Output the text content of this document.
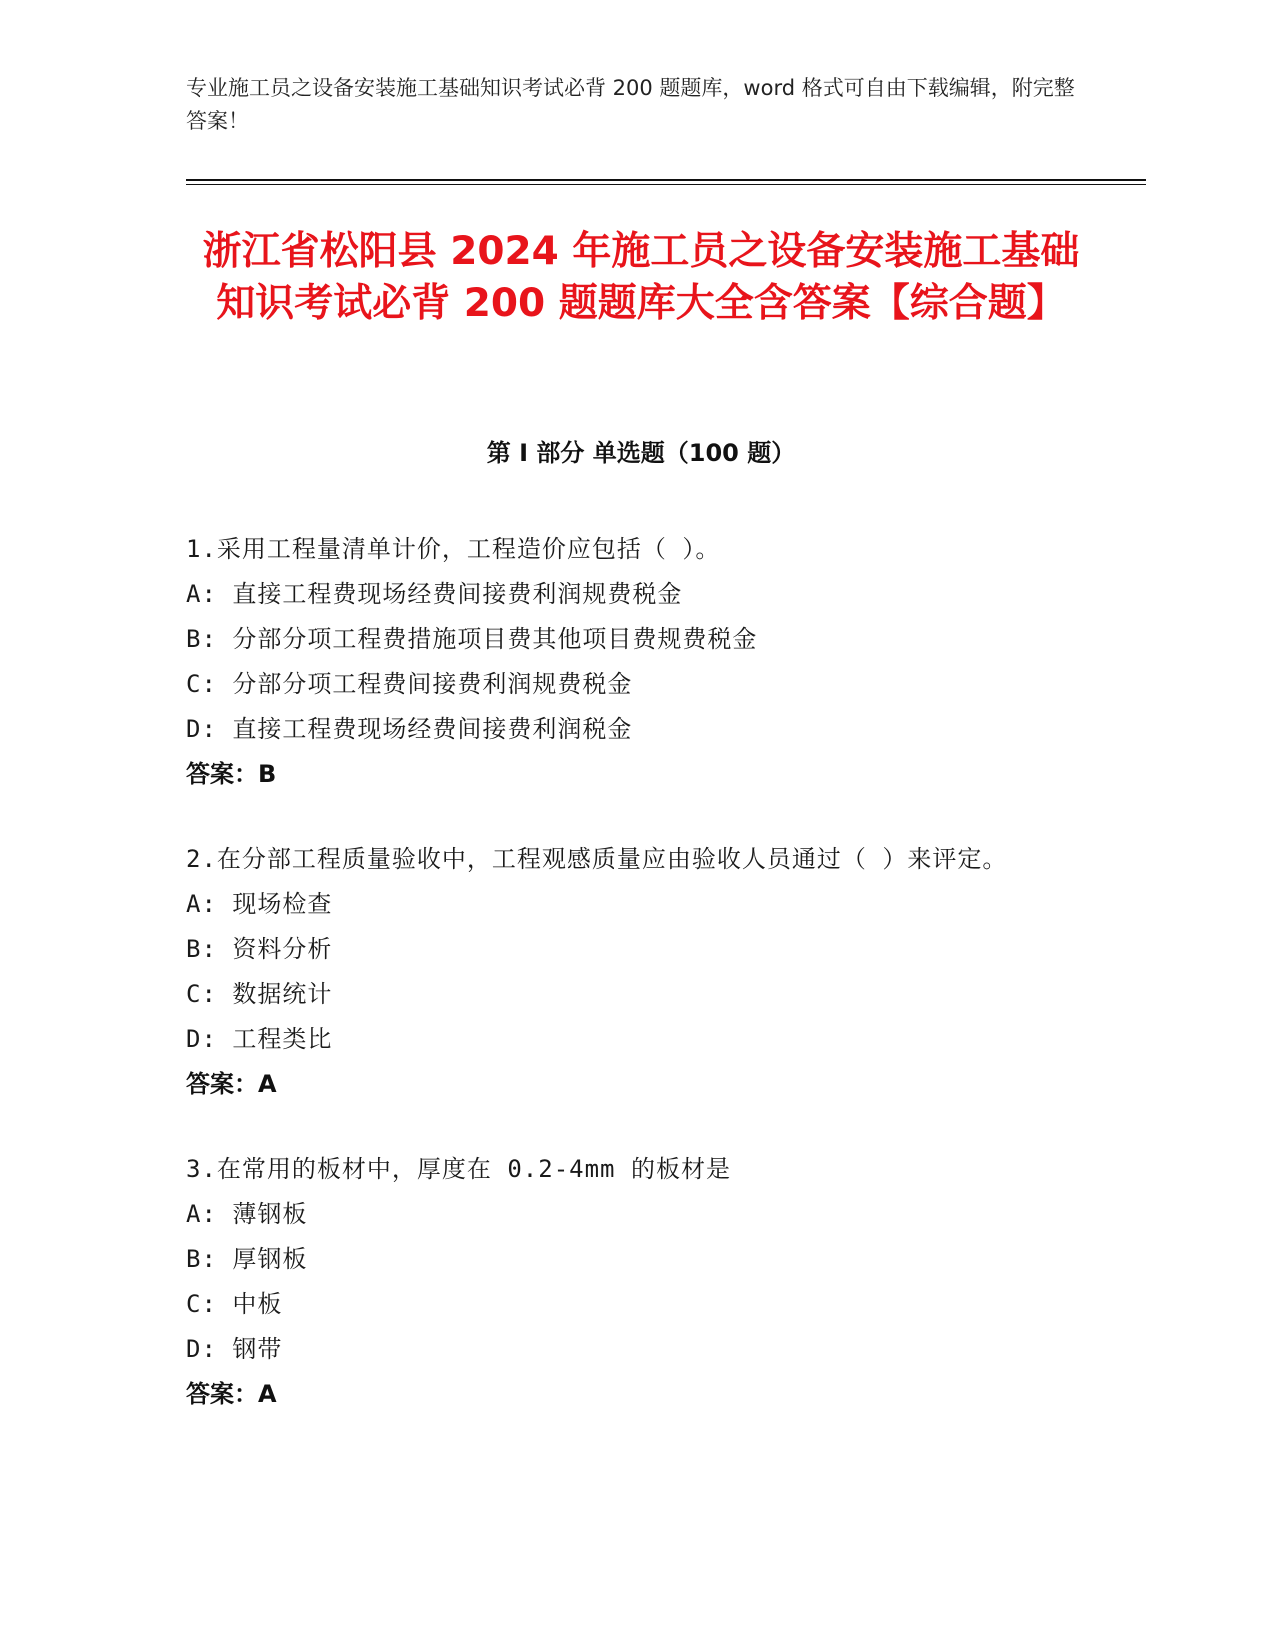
专业施工员之设备安装施工基础知识考试必背 200 题题库，word 格式可自由下载编辑，附完整答案！
浙江省松阳县 2024 年施工员之设备安装施工基础知识考试必背 200 题题库大全含答案【综合题】
第 I 部分 单选题（100 题）
1.采用工程量清单计价，工程造价应包括（ ）。
A: 直接工程费现场经费间接费利润规费税金
B: 分部分项工程费措施项目费其他项目费规费税金
C: 分部分项工程费间接费利润规费税金
D: 直接工程费现场经费间接费利润税金
答案：B
2.在分部工程质量验收中，工程观感质量应由验收人员通过（ ）来评定。
A: 现场检查
B: 资料分析
C: 数据统计
D: 工程类比
答案：A
3.在常用的板材中，厚度在 0.2-4mm 的板材是
A: 薄钢板
B: 厚钢板
C: 中板
D: 钢带
答案：A
